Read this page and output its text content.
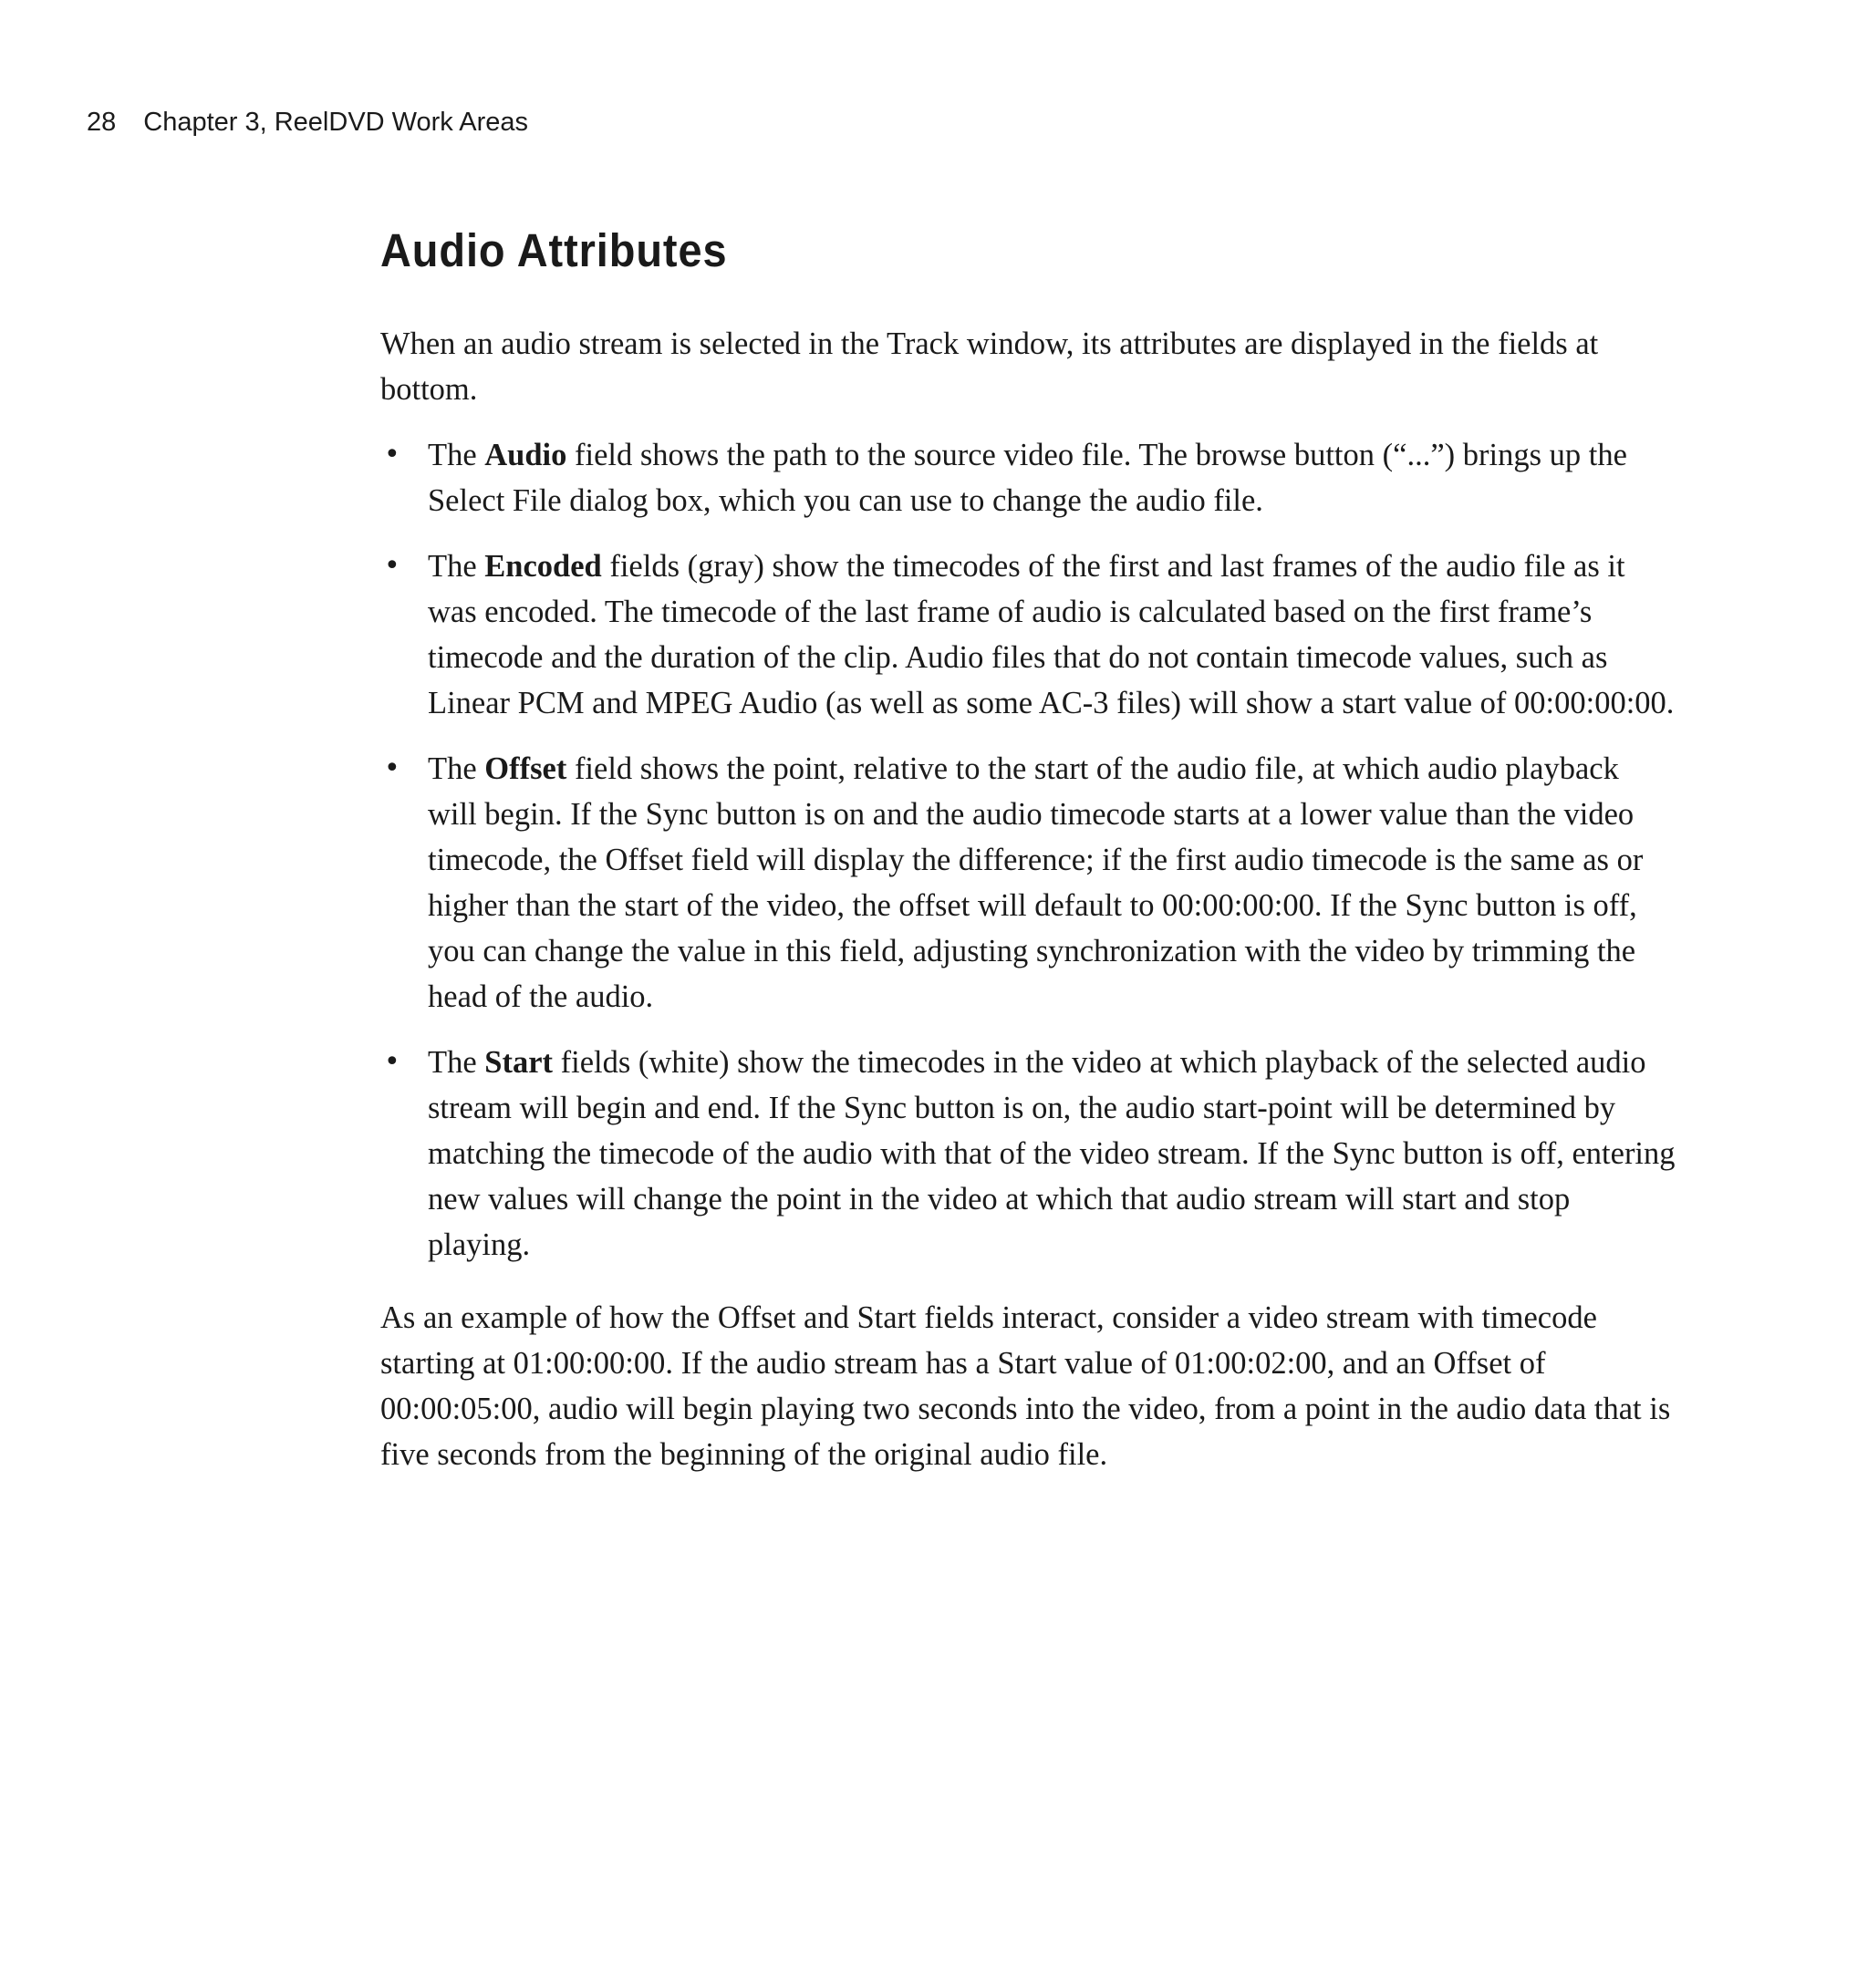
28 Chapter 3, ReelDVD Work Areas
Audio Attributes

When an audio stream is selected in the Track window, its attributes are displayed in the fields at bottom.

• The Audio field shows the path to the source video file. The browse button (“...”) brings up the Select File dialog box, which you can use to change the audio file.
• The Encoded fields (gray) show the timecodes of the first and last frames of the audio file as it was encoded. The timecode of the last frame of audio is calculated based on the first frame’s timecode and the duration of the clip. Audio files that do not contain timecode values, such as Linear PCM and MPEG Audio (as well as some AC-3 files) will show a start value of 00:00:00:00.
• The Offset field shows the point, relative to the start of the audio file, at which audio playback will begin. If the Sync button is on and the audio timecode starts at a lower value than the video timecode, the Offset field will display the difference; if the first audio timecode is the same as or higher than the start of the video, the offset will default to 00:00:00:00. If the Sync button is off, you can change the value in this field, adjusting synchronization with the video by trimming the head of the audio.
• The Start fields (white) show the timecodes in the video at which playback of the selected audio stream will begin and end. If the Sync button is on, the audio start-point will be determined by matching the timecode of the audio with that of the video stream. If the Sync button is off, entering new values will change the point in the video at which that audio stream will start and stop playing.

As an example of how the Offset and Start fields interact, consider a video stream with timecode starting at 01:00:00:00. If the audio stream has a Start value of 01:00:02:00, and an Offset of 00:00:05:00, audio will begin playing two seconds into the video, from a point in the audio data that is five seconds from the beginning of the original audio file.
